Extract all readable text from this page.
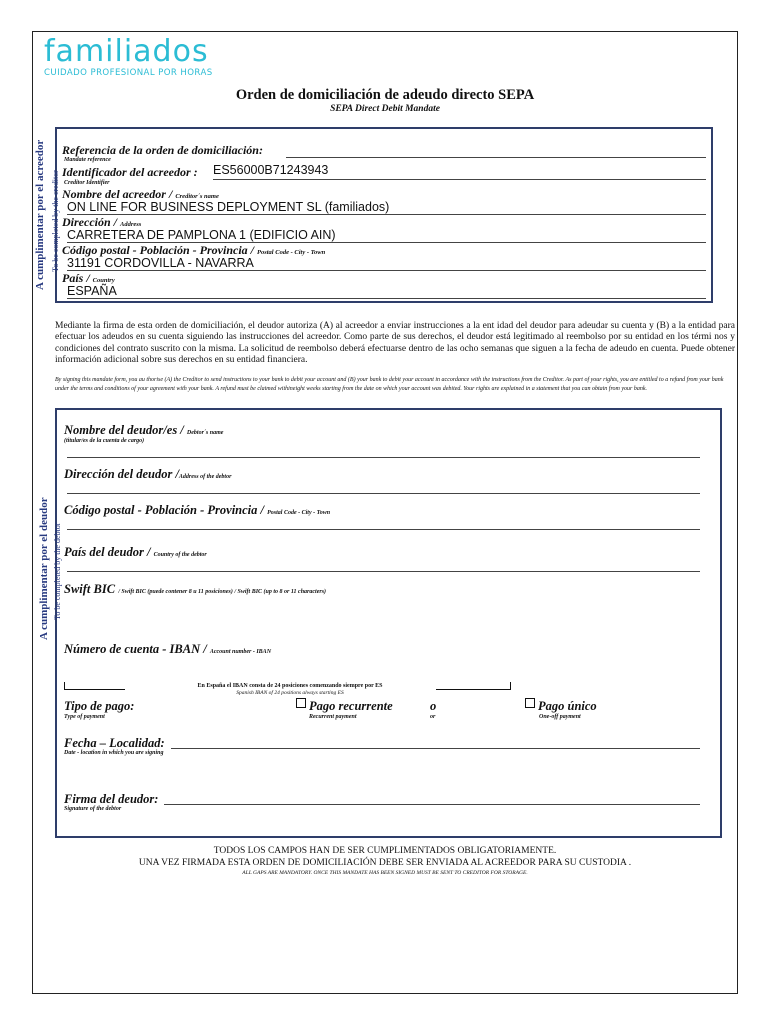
familiados
CUIDADO PROFESIONAL POR HORAS
Orden de domiciliación de adeudo directo SEPA
SEPA Direct Debit Mandate
A cumplimentar por el acreedor To be completed by the creditor
Referencia de la orden de domiciliación:
Mandate reference
Identificador del acreedor : ES56000B71243943
Creditor Identifier
Nombre del acreedor / Creditor´s name
ON LINE FOR BUSINESS DEPLOYMENT SL (familiados)
Dirección / Address
CARRETERA DE PAMPLONA 1 (EDIFICIO AIN)
Código postal - Población - Provincia / Postal Code - City - Town
31191 CORDOVILLA - NAVARRA
País / Country
ESPAÑA
Mediante la firma de esta orden de domiciliación, el deudor autoriza (A) al acreedor a enviar instrucciones a la ent idad del deudor para adeudar su cuenta y (B) a la entidad para efectuar los adeudos en su cuenta siguiendo las instrucciones del acreedor. Como parte de sus derechos, el deudor está legitimado al reembolso por su entidad en los térmi nos y condiciones del contrato suscrito con la misma. La solicitud de reembolso deberá efectuarse dentro de las ocho semanas que siguen a la fecha de adeudo en cuenta. Puede obtener información adicional sobre sus derechos en su entidad financiera.
By signing this mandate form, you au thorise (A) the Creditor to send instructions to your bank to debit your account and (B) your bank to debit your account in accordance with the instructions from the Creditor. As part of your rights, you are entitled to a refund from your bank under the terms and conditions of your agreement with your bank. A refund must be claimed withineight weeks starting from the date on which your account was debited. Your rights are explained in a statement that you can obtain from your bank.
A cumplimentar por el deudor To be completed by the debtor
Nombre del deudor/es / Debtor´s name
(titular/es de la cuenta de cargo)
Dirección del deudor /Address of the debtor
Código postal - Población - Provincia / Postal Code - City - Town
País del deudor / Country of the debtor
Swift BIC / Swift BIC (puede contener 8 u 11 posiciones) / Swift BIC (up to 8 or 11 characters)
Número de cuenta - IBAN / Account number - IBAN
En España el IBAN consta de 24 posiciones comenzando siempre por ES
Spanish IBAN of 24 positions always starting ES
Tipo de pago:
Type of payment
Pago recurrente
Recurrent payment
o
or
Pago único
One-off payment
Fecha – Localidad:
Date - location in which you are signing
Firma del deudor:
Signature of the debtor
TODOS LOS CAMPOS HAN DE SER CUMPLIMENTADOS OBLIGATORIAMENTE.
UNA VEZ FIRMADA ESTA ORDEN DE DOMICILIACIÓN DEBE SER ENVIADA AL ACREEDOR PARA SU CUSTODIA .
ALL GAPS ARE MANDATORY. ONCE THIS MANDATE HAS BEEN SIGNED MUST BE SENT TO CREDITOR FOR STORAGE.
